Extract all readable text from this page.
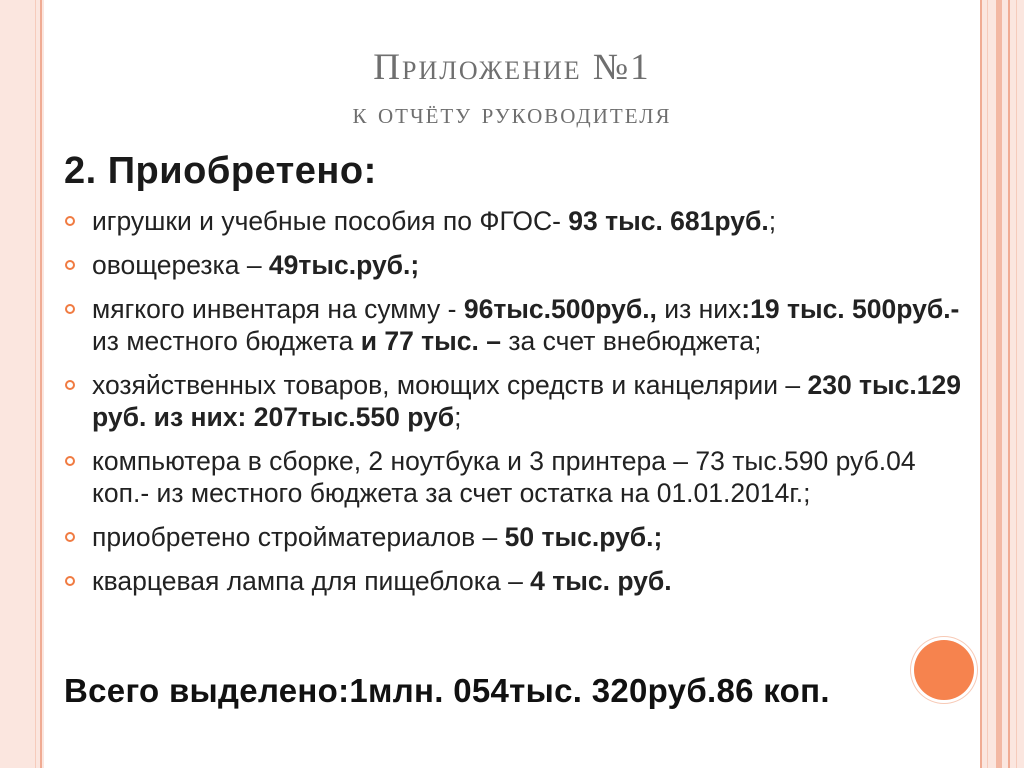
Приложение №1
к отчёту руководителя
2. Приобретено:
игрушки и учебные пособия по ФГОС- 93 тыс. 681руб.;
овощерезка – 49тыс.руб.;
мягкого инвентаря на сумму - 96тыс.500руб., из них:19 тыс. 500руб.- из местного бюджета и 77 тыс. – за счет внебюджета;
хозяйственных товаров, моющих средств и канцелярии – 230 тыс.129 руб. из них: 207тыс.550 руб;
компьютера в сборке, 2 ноутбука и 3 принтера – 73 тыс.590 руб.04 коп.- из местного бюджета за счет остатка на 01.01.2014г.;
приобретено стройматериалов – 50 тыс.руб.;
кварцевая лампа для пищеблока – 4 тыс. руб.
Всего выделено:1млн. 054тыс. 320руб.86 коп.
